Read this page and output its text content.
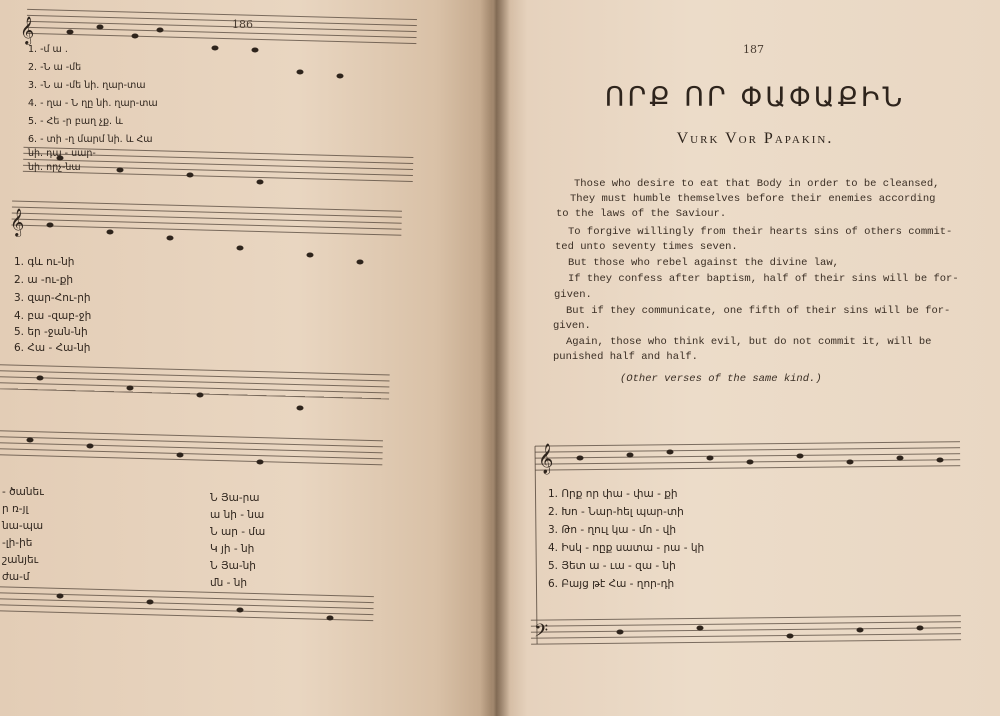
𝄞
𝄢
𝄞
𝄞
186
187
ՈՐՔ ՈՐ ՓԱՓԱՔԻՆ
Vurk Vor Papakin.
Those who desire to eat that Body in order to be cleansed,
They must humble themselves before their enemies according
to the laws of the Saviour.
To forgive willingly from their hearts sins of others commit-
ted unto seventy times seven.
But those who rebel against the divine law,
If they confess after baptism, half of their sins will be for-
given.
But if they communicate, one fifth of their sins will be for-
given.
Again, those who think evil, but do not commit it, will be
punished half and half.
(Other verses of the same kind.)
1. Որք որ փա - փա - քի
2. Խո - Նար-հել պար-տի
3. Թո - ղուլ կա - մո - վի
4. Իսկ - ոըք սատա - րա - կի
5. Յետ ա - ւա - զա - նի
6. Բայց թէ Հա - ղոր-դի
1. -մ ա .
2. -Ն ա -մե
3. -Ն ա -մե նի. ղար-տա
4. - ղա - Ն ղը նի. ղար-տա
5. - Հե -ր բաղ չք. և
6. - տի -ղ մարմ նի. և Հա
նի. դա - սար-
նի. որչ-նա
1. գև ու-նի
2. ա -ու-քի
3. զար-Հու-րի
4. բա -զաբ-ջի
5. եր -ջան-նի
6. Հա - Հա-նի
- ծանեւ
ր ռ-յլ
նա-պա
-լի-իե
շանյեւ
ժա-մ
Ն Յա-րա
ա նի - նա
Ն ար - մա
Կ յի - նի
Ն Յա-նի
մն - նի
